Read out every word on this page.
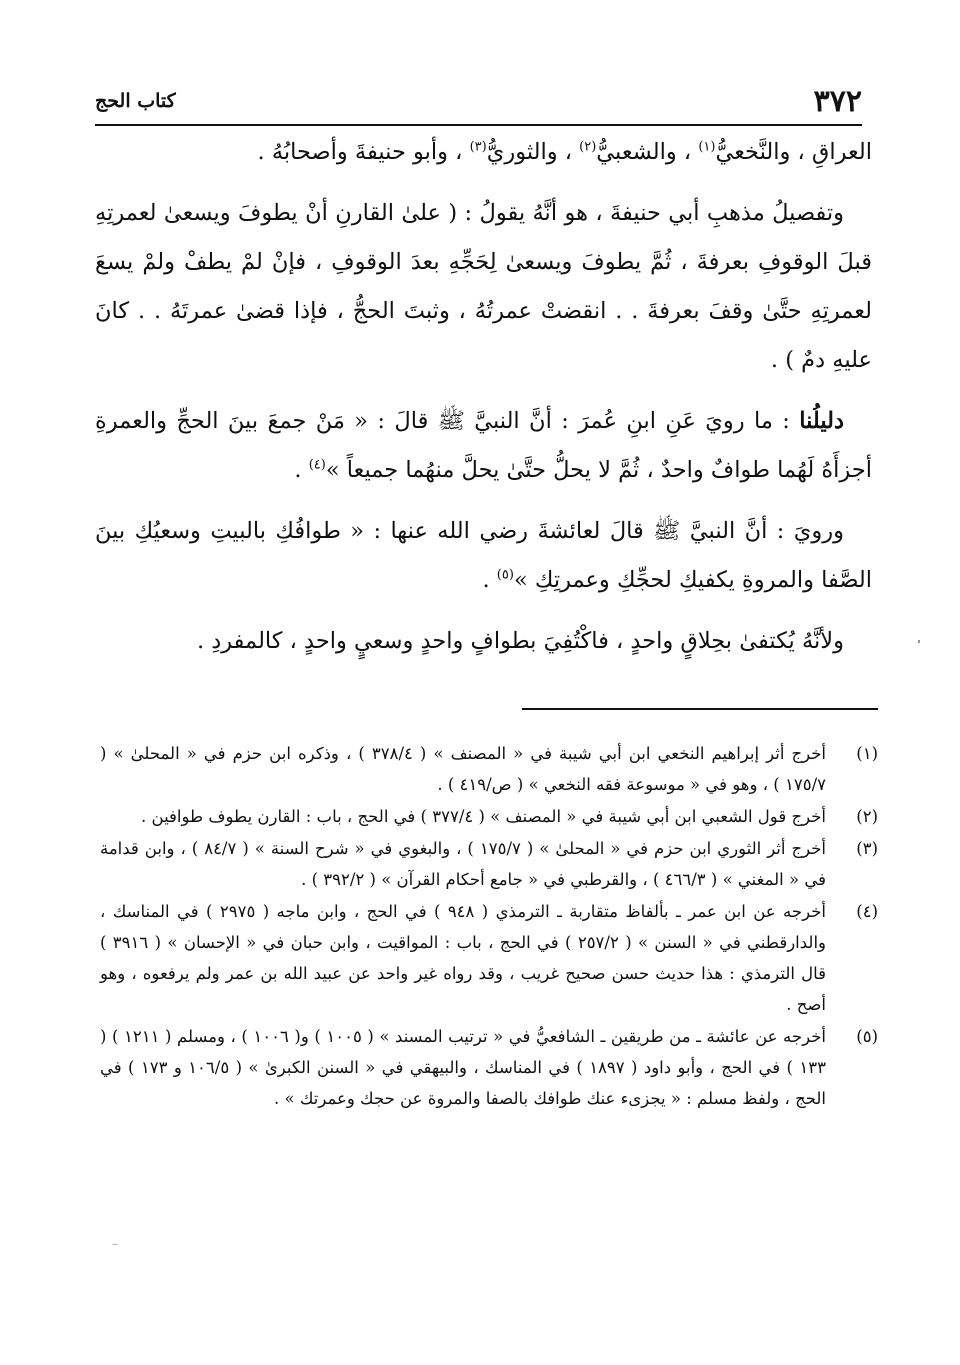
٣٧٢
كتاب الحج

العراقِ ، والنَّخعيُّ$^{(١)}$ ، والشعبيُّ$^{(٢)}$ ، والثوريُّ$^{(٣)}$ ، وأبو حنيفةَ وأصحابُهُ .

وتفصيلُ مذهبِ أبي حنيفةَ ، هو أنَّهُ يقولُ : ( علىٰ القارنِ أنْ يطوفَ ويسعىٰ لعمرتِهِ قبلَ الوقوفِ بعرفةَ ، ثُمَّ يطوفَ ويسعىٰ لِحَجِّهِ بعدَ الوقوفِ ، فإنْ لمْ يطفْ ولمْ يسعَ لعمرتِهِ حتَّىٰ وقفَ بعرفةَ . . انقضتْ عمرتُهُ ، وثبتَ الحجُّ ، فإذا قضىٰ عمرتَهُ . . كانَ عليهِ دمٌ ) .

دليلُنا : ما رويَ عَنِ ابنِ عُمرَ : أنَّ النبيَّ ﷺ قالَ : « مَنْ جمعَ بينَ الحجِّ والعمرةِ أجزأَهُ لَهُما طوافٌ واحدٌ ، ثُمَّ لا يحلُّ حتَّىٰ يحلَّ منهُما جميعاً »$^{(٤)}$ .

ورويَ : أنَّ النبيَّ ﷺ قالَ لعائشةَ رضي الله عنها : « طوافُكِ بالبيتِ وسعيُكِ بينَ الصَّفا والمروةِ يكفيكِ لحجِّكِ وعمرتِكِ »$^{(٥)}$ .

ولأنَّهُ يُكتفىٰ بحِلاقٍ واحدٍ ، فاكْتُفِيَ بطوافٍ واحدٍ وسعيٍ واحدٍ ، كالمفردِ .

(١)
أخرج أثر إبراهيم النخعي ابن أبي شيبة في « المصنف » ( ٣٧٨/٤ ) ، وذكره ابن حزم في « المحلىٰ » ( ١٧٥/٧ ) ، وهو في « موسوعة فقه النخعي » ( ص/٤١٩ ) .
(٢)
أخرج قول الشعبي ابن أبي شيبة في « المصنف » ( ٣٧٧/٤ ) في الحج ، باب : القارن يطوف طوافين .
(٣)
أخرج أثر الثوري ابن حزم في « المحلىٰ » ( ١٧٥/٧ ) ، والبغوي في « شرح السنة » ( ٨٤/٧ ) ، وابن قدامة في « المغني » ( ٤٦٦/٣ ) ، والقرطبي في « جامع أحكام القرآن » ( ٣٩٢/٢ ) .
(٤)
أخرجه عن ابن عمر ـ بألفاظ متقاربة ـ الترمذي ( ٩٤٨ ) في الحج ، وابن ماجه ( ٢٩٧٥ ) في المناسك ، والدارقطني في « السنن » ( ٢٥٧/٢ ) في الحج ، باب : المواقيت ، وابن حبان في « الإحسان » ( ٣٩١٦ ) قال الترمذي : هذا حديث حسن صحيح غريب ، وقد رواه غير واحد عن عبيد الله بن عمر ولم يرفعوه ، وهو أصح .
(٥)
أخرجه عن عائشة ـ من طريقين ـ الشافعيُّ في « ترتيب المسند » ( ١٠٠٥ ) و( ١٠٠٦ ) ، ومسلم ( ١٢١١ ) ( ١٣٣ ) في الحج ، وأبو داود ( ١٨٩٧ ) في المناسك ، والبيهقي في « السنن الكبرىٰ » ( ١٠٦/٥ و ١٧٣ ) في الحج ، ولفظ مسلم : « يجزىء عنك طوافك بالصفا والمروة عن حجك وعمرتك » .
